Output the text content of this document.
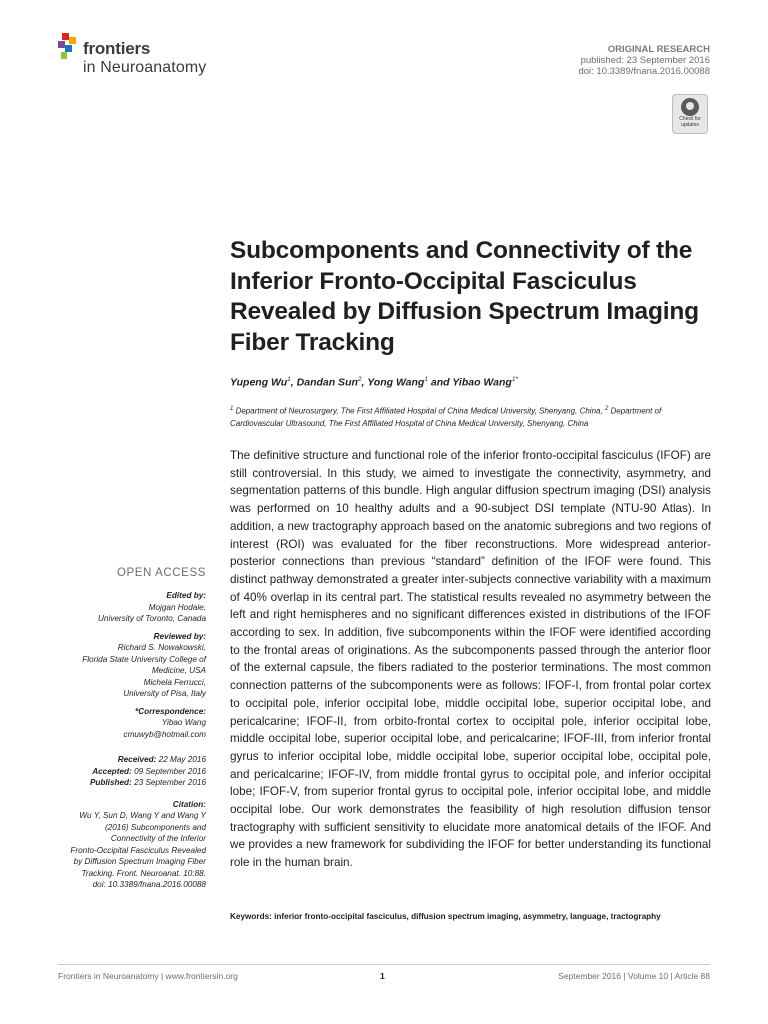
frontiers
in Neuroanatomy
ORIGINAL RESEARCH
published: 23 September 2016
doi: 10.3389/fnana.2016.00088
Check for
updates
Subcomponents and Connectivity of the Inferior Fronto-Occipital Fasciculus Revealed by Diffusion Spectrum Imaging Fiber Tracking
Yupeng Wu$^1$, Dandan Sun$^2$, Yong Wang$^1$ and Yibao Wang$^{1*}$
$^1$ Department of Neurosurgery, The First Affiliated Hospital of China Medical University, Shenyang, China, $^2$ Department of Cardiovascular Ultrasound, The First Affiliated Hospital of China Medical University, Shenyang, China

The definitive structure and functional role of the inferior fronto-occipital fasciculus (IFOF) are still controversial. In this study, we aimed to investigate the connectivity, asymmetry, and segmentation patterns of this bundle. High angular diffusion spectrum imaging (DSI) analysis was performed on 10 healthy adults and a 90-subject DSI template (NTU-90 Atlas). In addition, a new tractography approach based on the anatomic subregions and two regions of interest (ROI) was evaluated for the fiber reconstructions. More widespread anterior-posterior connections than previous “standard” definition of the IFOF were found. This distinct pathway demonstrated a greater inter-subjects connective variability with a maximum of 40% overlap in its central part. The statistical results revealed no asymmetry between the left and right hemispheres and no significant differences existed in distributions of the IFOF according to sex. In addition, five subcomponents within the IFOF were identified according to the frontal areas of originations. As the subcomponents passed through the anterior floor of the external capsule, the fibers radiated to the posterior terminations. The most common connection patterns of the subcomponents were as follows: IFOF-I, from frontal polar cortex to occipital pole, inferior occipital lobe, middle occipital lobe, superior occipital lobe, and pericalcarine; IFOF-II, from orbito-frontal cortex to occipital pole, inferior occipital lobe, middle occipital lobe, superior occipital lobe, and pericalcarine; IFOF-III, from inferior frontal gyrus to inferior occipital lobe, middle occipital lobe, superior occipital lobe, occipital pole, and pericalcarine; IFOF-IV, from middle frontal gyrus to occipital pole, and inferior occipital lobe; IFOF-V, from superior frontal gyrus to occipital pole, inferior occipital lobe, and middle occipital lobe. Our work demonstrates the feasibility of high resolution diffusion tensor tractography with sufficient sensitivity to elucidate more anatomical details of the IFOF. And we provides a new framework for subdividing the IFOF for better understanding its functional role in the human brain.

Keywords: inferior fronto-occipital fasciculus, diffusion spectrum imaging, asymmetry, language, tractography
OPEN ACCESS
Edited by:
Mojgan Hodaie,
University of Toronto, Canada
Reviewed by:
Richard S. Nowakowski,
Florida State University College of
Medicine, USA
Michela Ferrucci,
University of Pisa, Italy
*Correspondence:
Yibao Wang
cmuwyb@hotmail.com
Received: 22 May 2016
Accepted: 09 September 2016
Published: 23 September 2016
Citation:
Wu Y, Sun D, Wang Y and Wang Y
(2016) Subcomponents and
Connectivity of the Inferior
Fronto-Occipital Fasciculus Revealed
by Diffusion Spectrum Imaging Fiber
Tracking. Front. Neuroanat. 10:88.
doi: 10.3389/fnana.2016.00088
Frontiers in Neuroanatomy | www.frontiersin.org	1	September 2016 | Volume 10 | Article 88
